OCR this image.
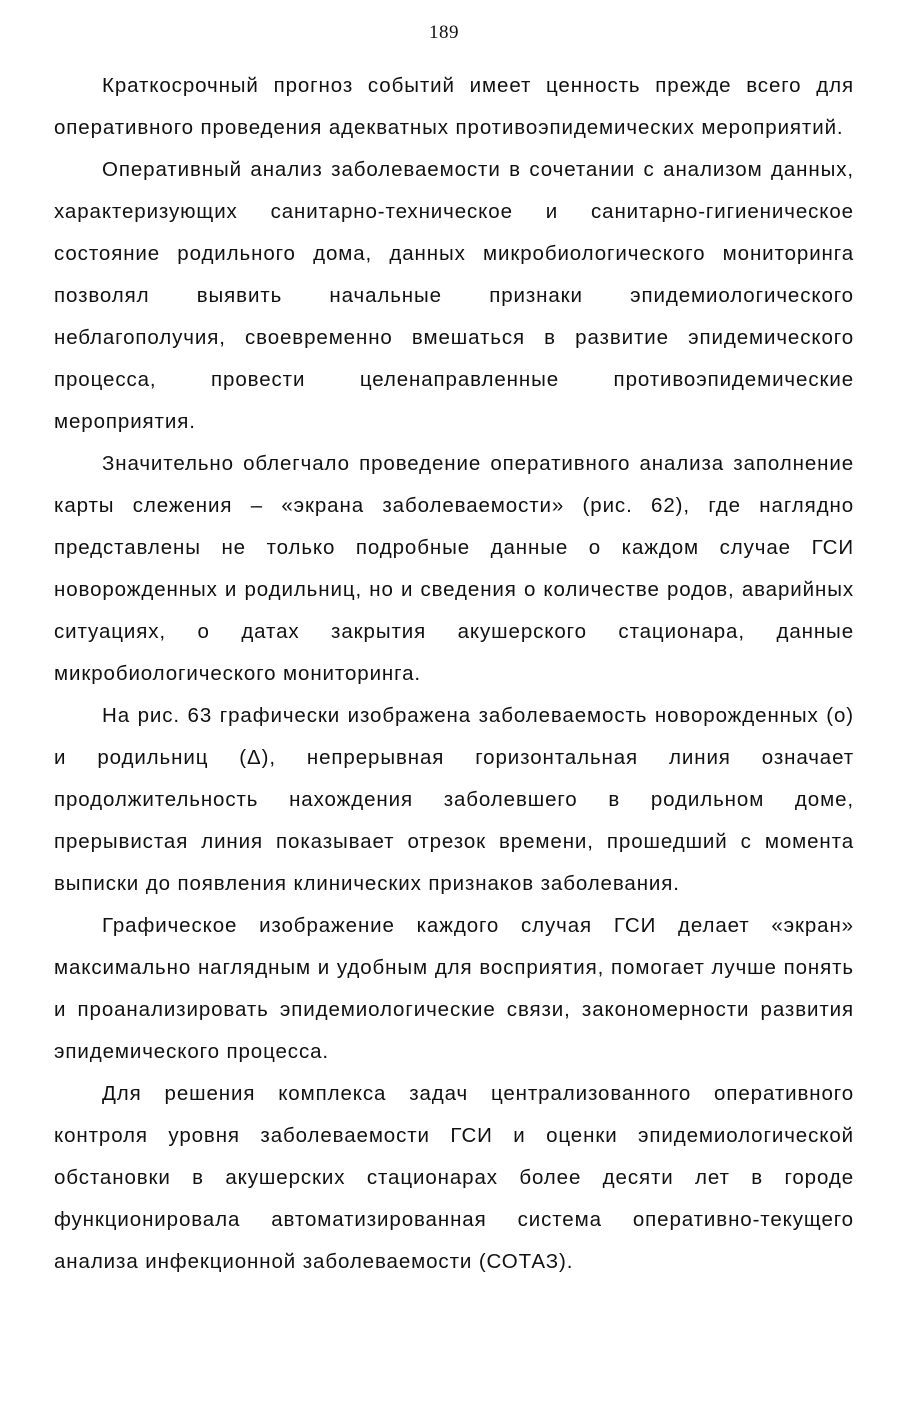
189

Краткосрочный прогноз событий имеет ценность прежде всего для оперативного проведения адекватных противоэпидемических мероприятий.

Оперативный анализ заболеваемости в сочетании с анализом данных, характеризующих санитарно-техническое и санитарно-гигиеническое состояние родильного дома, данных микробиологического мониторинга позволял выявить начальные признаки эпидемиологического неблагополучия, своевременно вмешаться в развитие эпидемического процесса, провести целенаправленные противоэпидемические мероприятия.

Значительно облегчало проведение оперативного анализа заполнение карты слежения – «экрана заболеваемости» (рис. 62), где наглядно представлены не только подробные данные о каждом случае ГСИ новорожденных и родильниц, но и сведения о количестве родов, аварийных ситуациях, о датах закрытия акушерского стационара, данные микробиологического мониторинга.

На рис. 63 графически изображена заболеваемость новорожденных (о) и родильниц (Δ), непрерывная горизонтальная линия означает продолжительность нахождения заболевшего в родильном доме, прерывистая линия показывает отрезок времени, прошедший с момента выписки до появления клинических признаков заболевания.

Графическое изображение каждого случая ГСИ делает «экран» максимально наглядным и удобным для восприятия, помогает лучше понять и проанализировать эпидемиологические связи, закономерности развития эпидемического процесса.

Для решения комплекса задач централизованного оперативного контроля уровня заболеваемости ГСИ и оценки эпидемиологической обстановки в акушерских стационарах более десяти лет в городе функционировала автоматизированная система оперативно-текущего анализа инфекционной заболеваемости (СОТАЗ).
